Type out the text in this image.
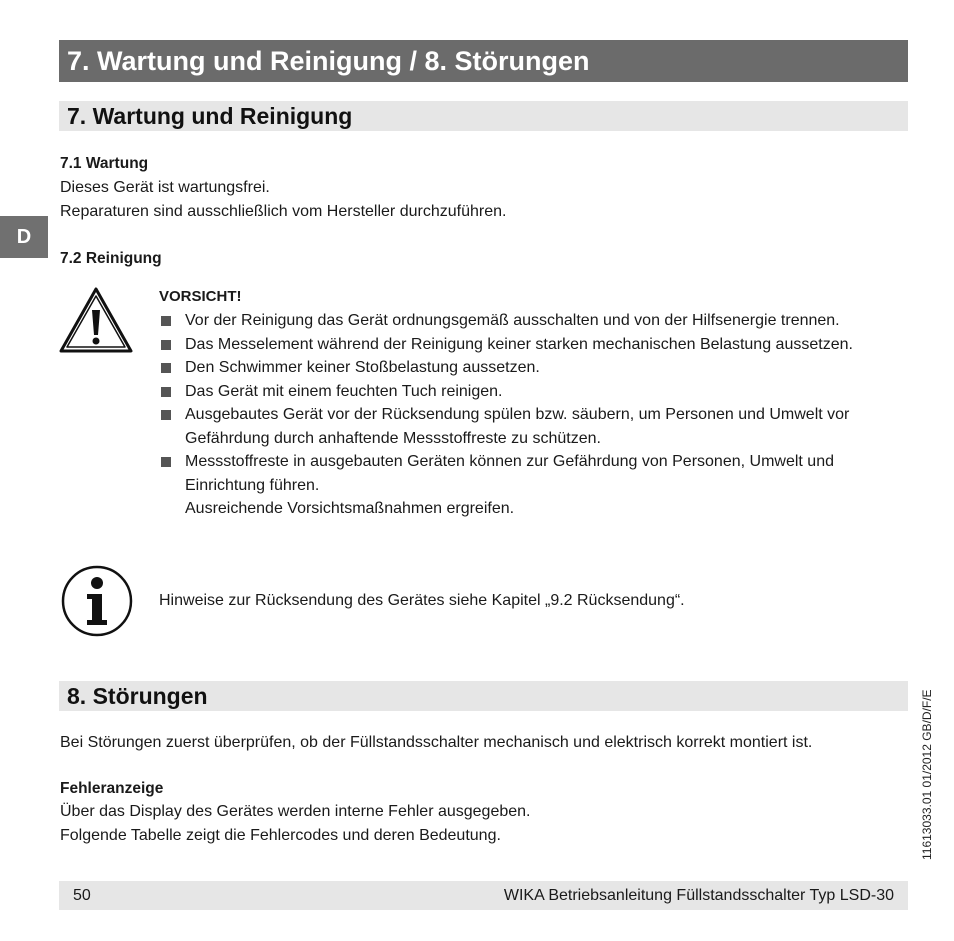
7. Wartung und Reinigung / 8. Störungen
7. Wartung und Reinigung
D
7.1 Wartung
Dieses Gerät ist wartungsfrei.
Reparaturen sind ausschließlich vom Hersteller durchzuführen.
7.2 Reinigung
VORSICHT!
Vor der Reinigung das Gerät ordnungsgemäß ausschalten und von der Hilfsenergie trennen.
Das Messelement während der Reinigung keiner starken mechanischen Belastung aussetzen.
Den Schwimmer keiner Stoßbelastung aussetzen.
Das Gerät mit einem feuchten Tuch reinigen.
Ausgebautes Gerät vor der Rücksendung spülen bzw. säubern, um Personen und Umwelt vor Gefährdung durch anhaftende Messstoffreste zu schützen.
Messstoffreste in ausgebauten Geräten können zur Gefährdung von Personen, Umwelt und Einrichtung führen.
Ausreichende Vorsichtsmaßnahmen ergreifen.
Hinweise zur Rücksendung des Gerätes siehe Kapitel „9.2 Rücksendung“.
8. Störungen
Bei Störungen zuerst überprüfen, ob der Füllstandsschalter mechanisch und elektrisch korrekt montiert ist.
Fehleranzeige
Über das Display des Gerätes werden interne Fehler ausgegeben.
Folgende Tabelle zeigt die Fehlercodes und deren Bedeutung.
50	WIKA Betriebsanleitung Füllstandsschalter Typ LSD-30
11613033.01 01/2012 GB/D/F/E
